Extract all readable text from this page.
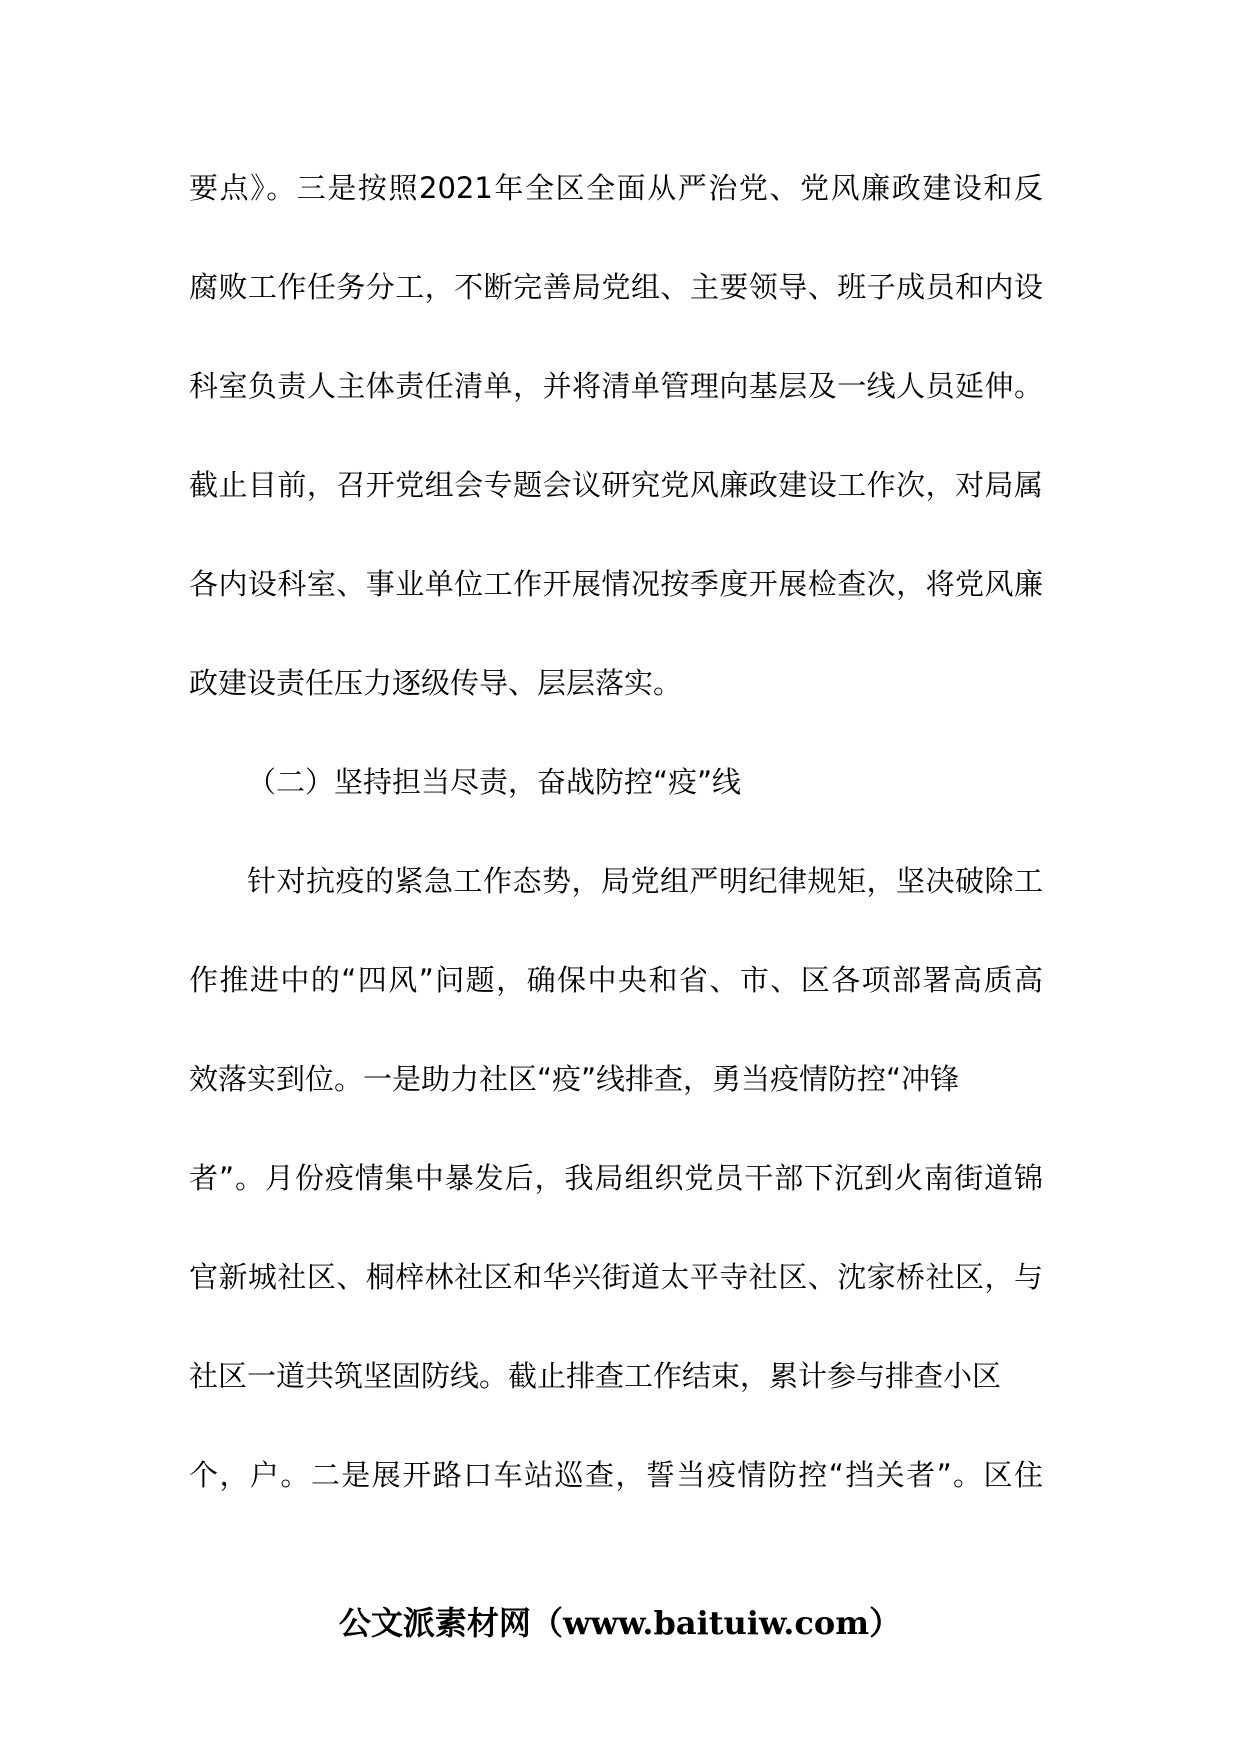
要点》。三是按照2021年全区全面从严治党、党风廉政建设和反
腐败工作任务分工，不断完善局党组、主要领导、班子成员和内设
科室负责人主体责任清单，并将清单管理向基层及一线人员延伸。
截止目前，召开党组会专题会议研究党风廉政建设工作次，对局属
各内设科室、事业单位工作开展情况按季度开展检查次，将党风廉
政建设责任压力逐级传导、层层落实。
（二）坚持担当尽责，奋战防控“疫”线
针对抗疫的紧急工作态势，局党组严明纪律规矩，坚决破除工
作推进中的“四风”问题，确保中央和省、市、区各项部署高质高
效落实到位。一是助力社区“疫”线排查，勇当疫情防控“冲锋
者”。月份疫情集中暴发后，我局组织党员干部下沉到火南街道锦
官新城社区、桐梓林社区和华兴街道太平寺社区、沈家桥社区，与
社区一道共筑坚固防线。截止排查工作结束，累计参与排查小区
个，户。二是展开路口车站巡查，誓当疫情防控“挡关者”。区住
公文派素材网（www.baituiw.com）
